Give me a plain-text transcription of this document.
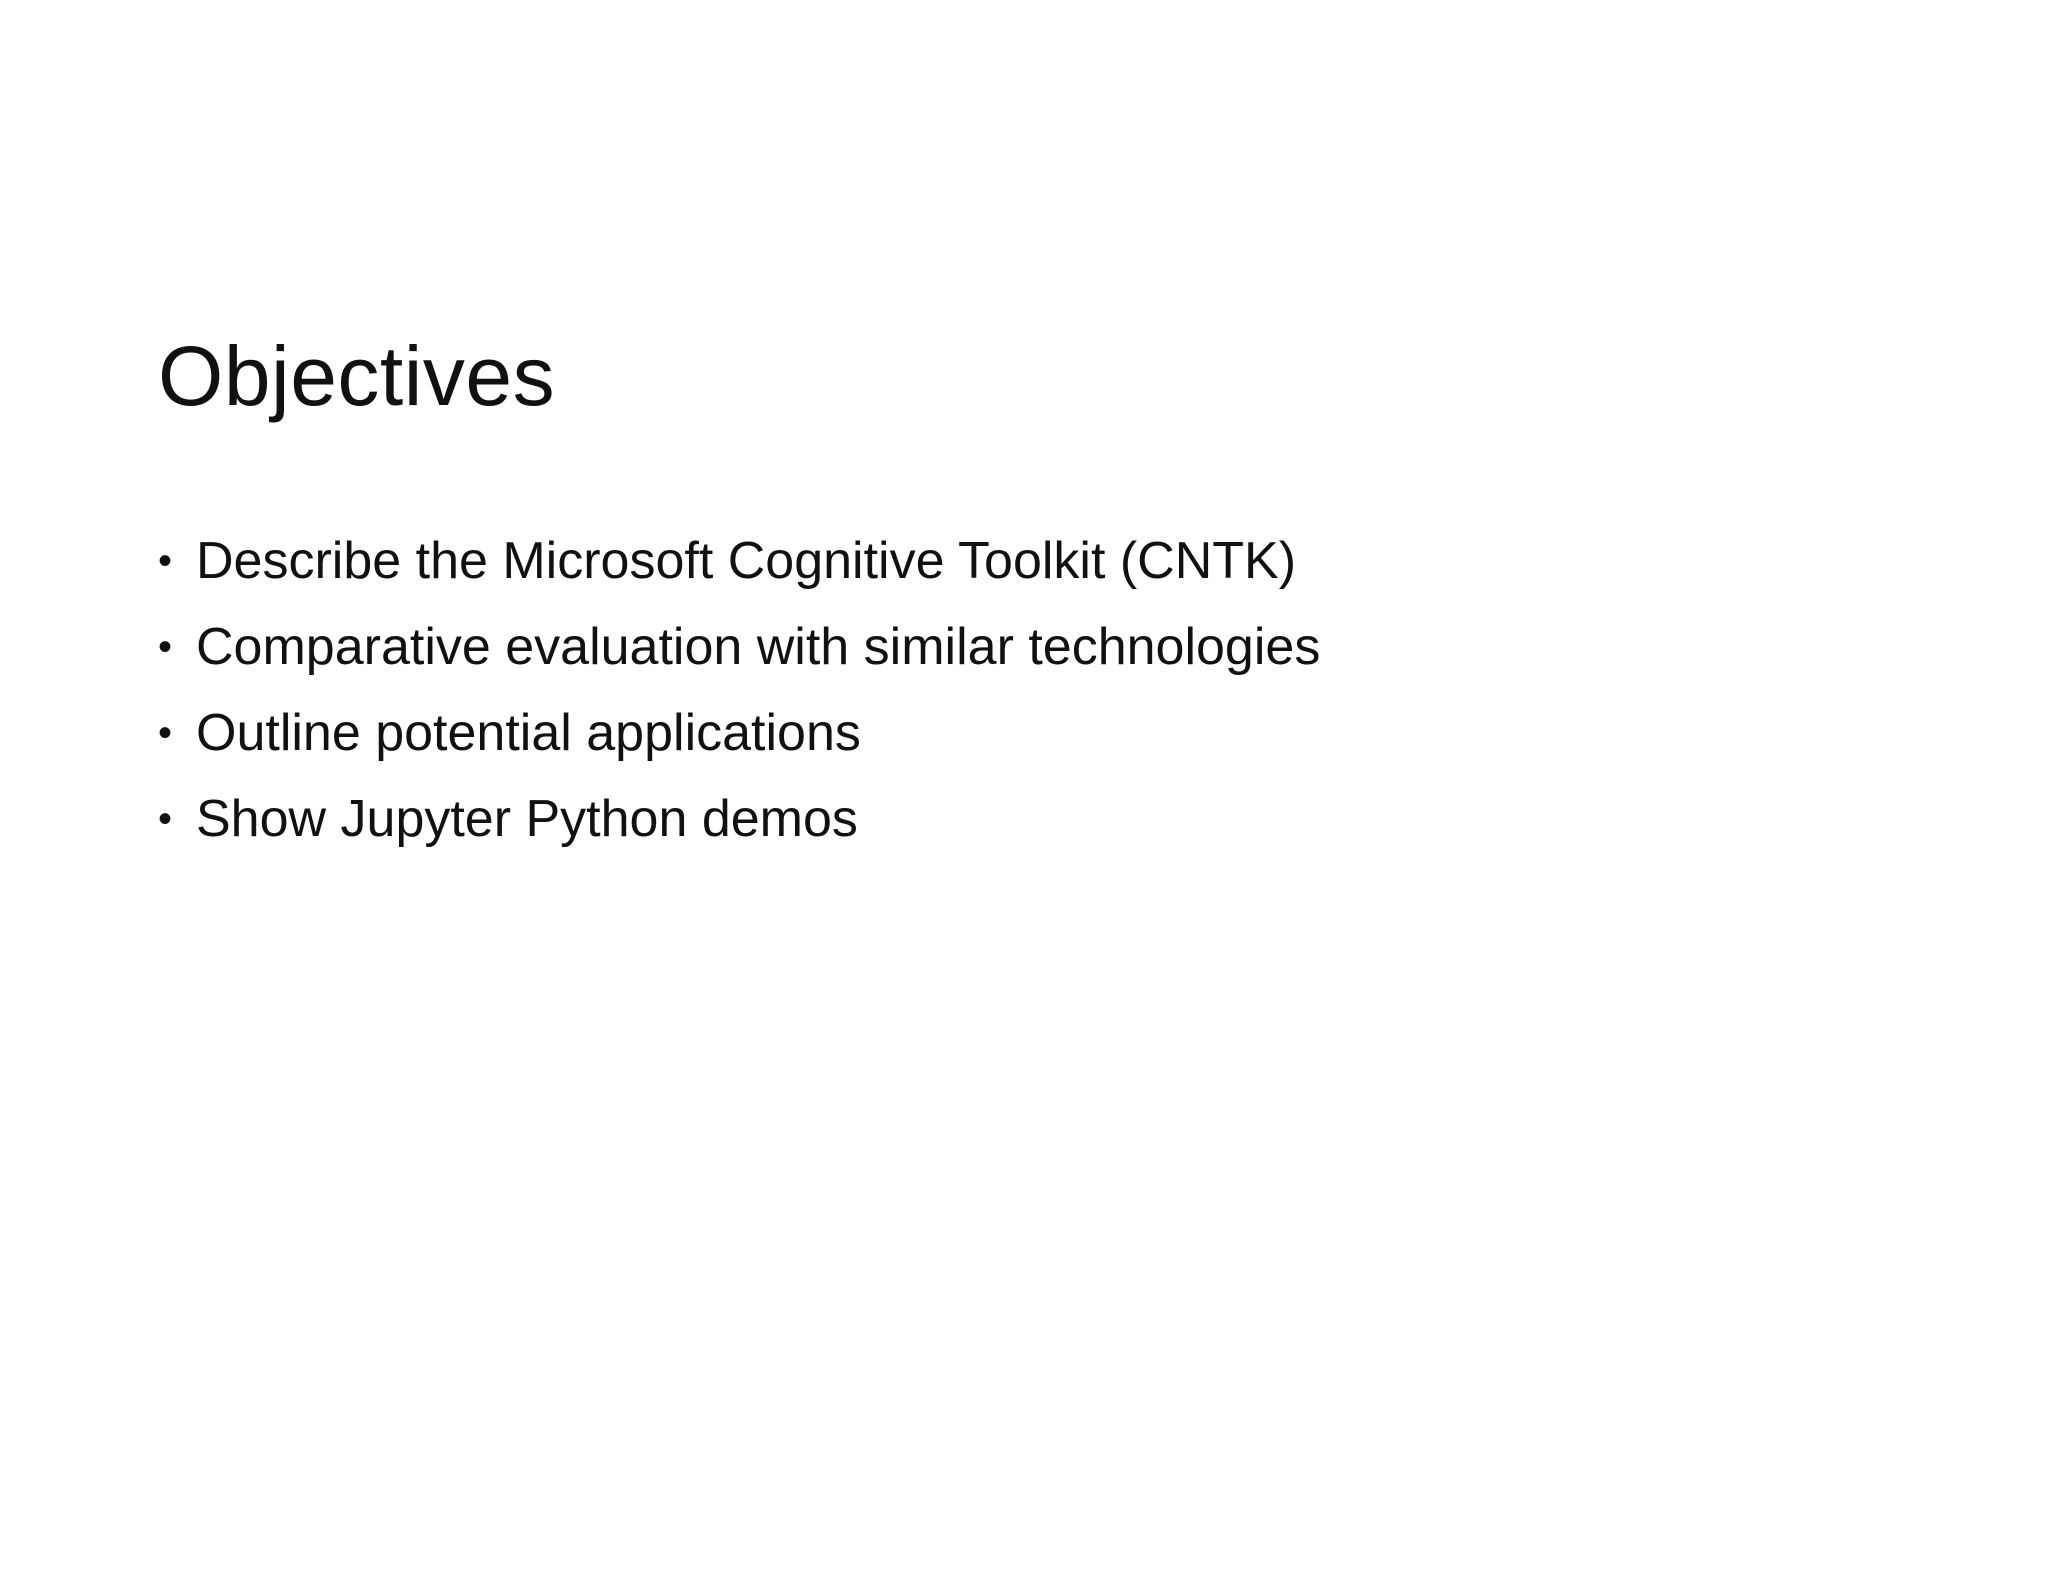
Objectives
• Describe the Microsoft Cognitive Toolkit (CNTK)
• Comparative evaluation with similar technologies
• Outline potential applications
• Show Jupyter Python demos
